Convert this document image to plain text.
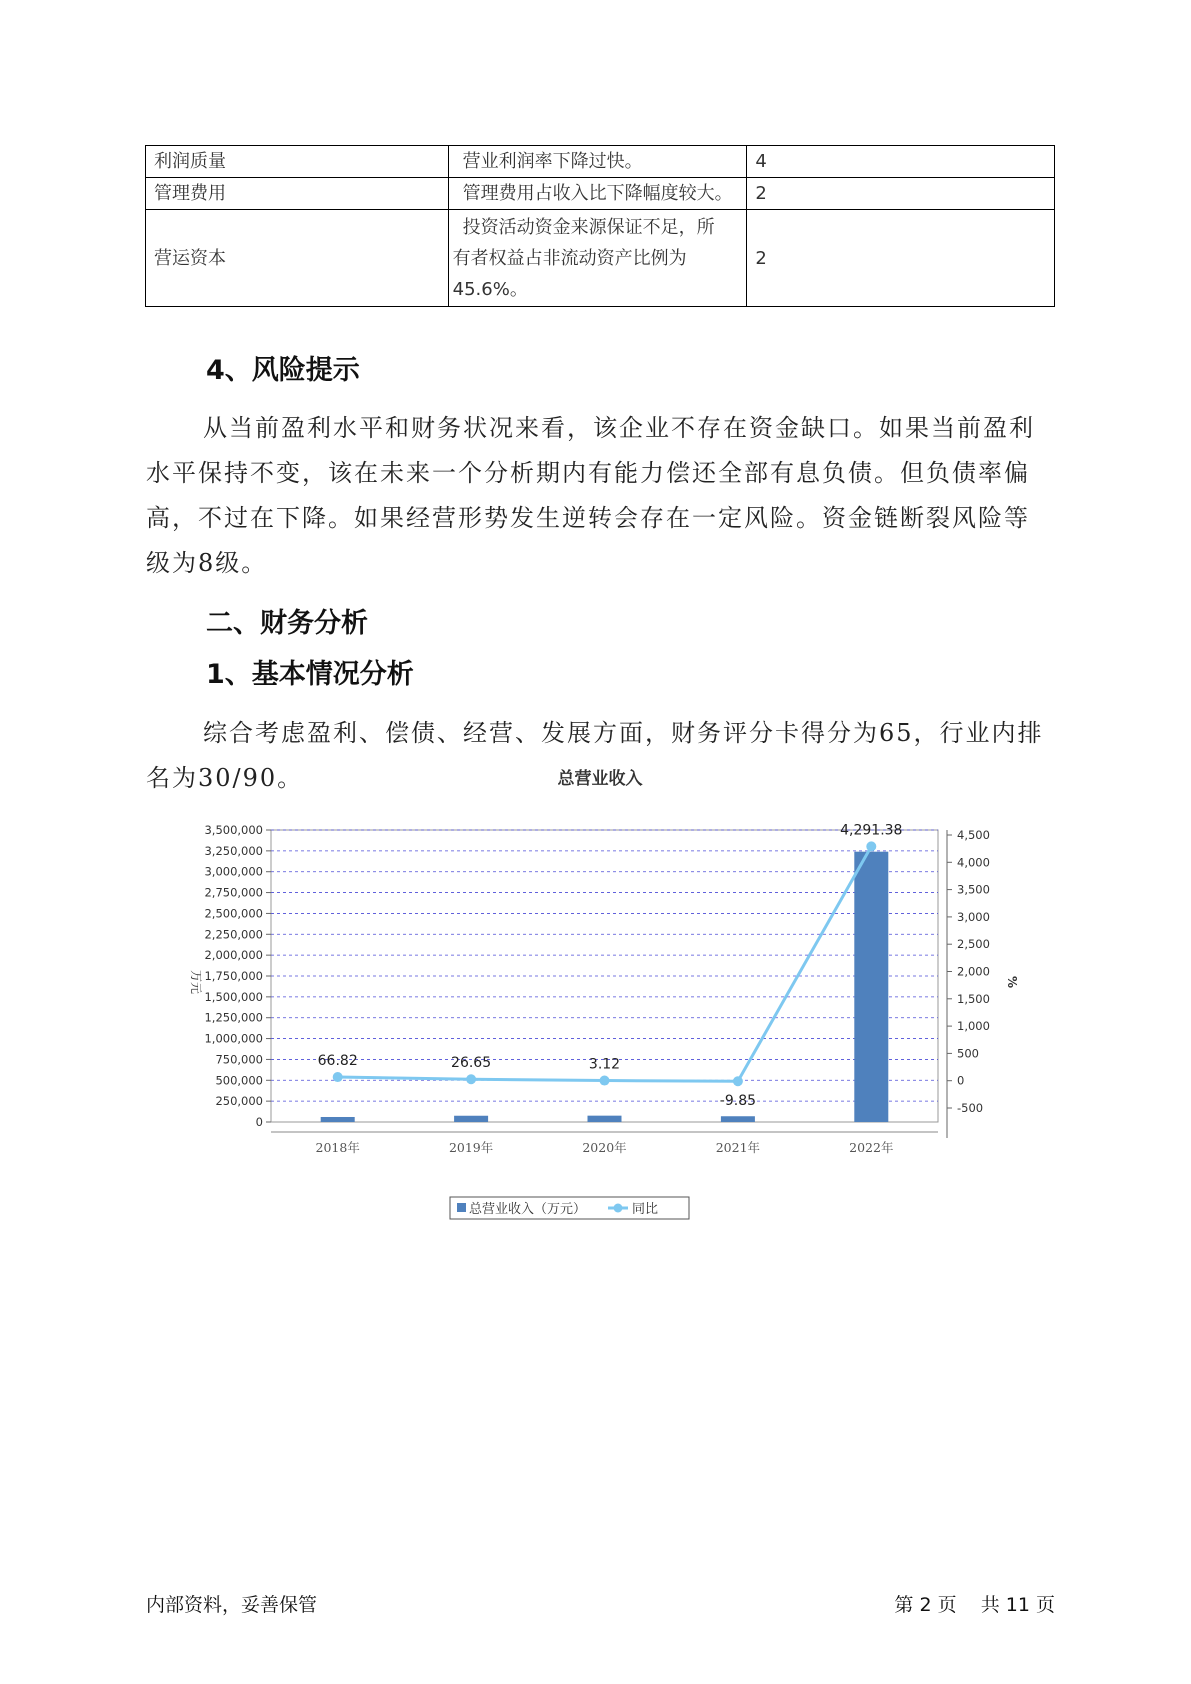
利润质量	营业利润率下降过快。	4
管理费用	管理费用占收入比下降幅度较大。	2
营运资本	投资活动资金来源保证不足，所
有者权益占非流动资产比例为
45.6%。	2
4、风险提示

从当前盈利水平和财务状况来看，该企业不存在资金缺口。如果当前盈利水平保持不变，该在未来一个分析期内有能力偿还全部有息负债。但负债率偏高，不过在下降。如果经营形势发生逆转会存在一定风险。资金链断裂风险等级为8级。

二、财务分析
1、基本情况分析

综合考虑盈利、偿债、经营、发展方面，财务评分卡得分为65，行业内排名为30/90。

0
250,000
500,000
750,000
1,000,000
1,250,000
1,500,000
1,750,000
2,000,000
2,250,000
2,500,000
2,750,000
3,000,000
3,250,000
3,500,000
-500
0
500
1,000
1,500
2,000
2,500
3,000
3,500
4,000
4,500
万元	%
2018年	2019年	2020年	2021年	2022年
66.82	26.65	3.12
-9.85
4,291.38
总营业收入（万元）	同比
内部资料，妥善保管	第 2 页    共 11 页
总营业收入
